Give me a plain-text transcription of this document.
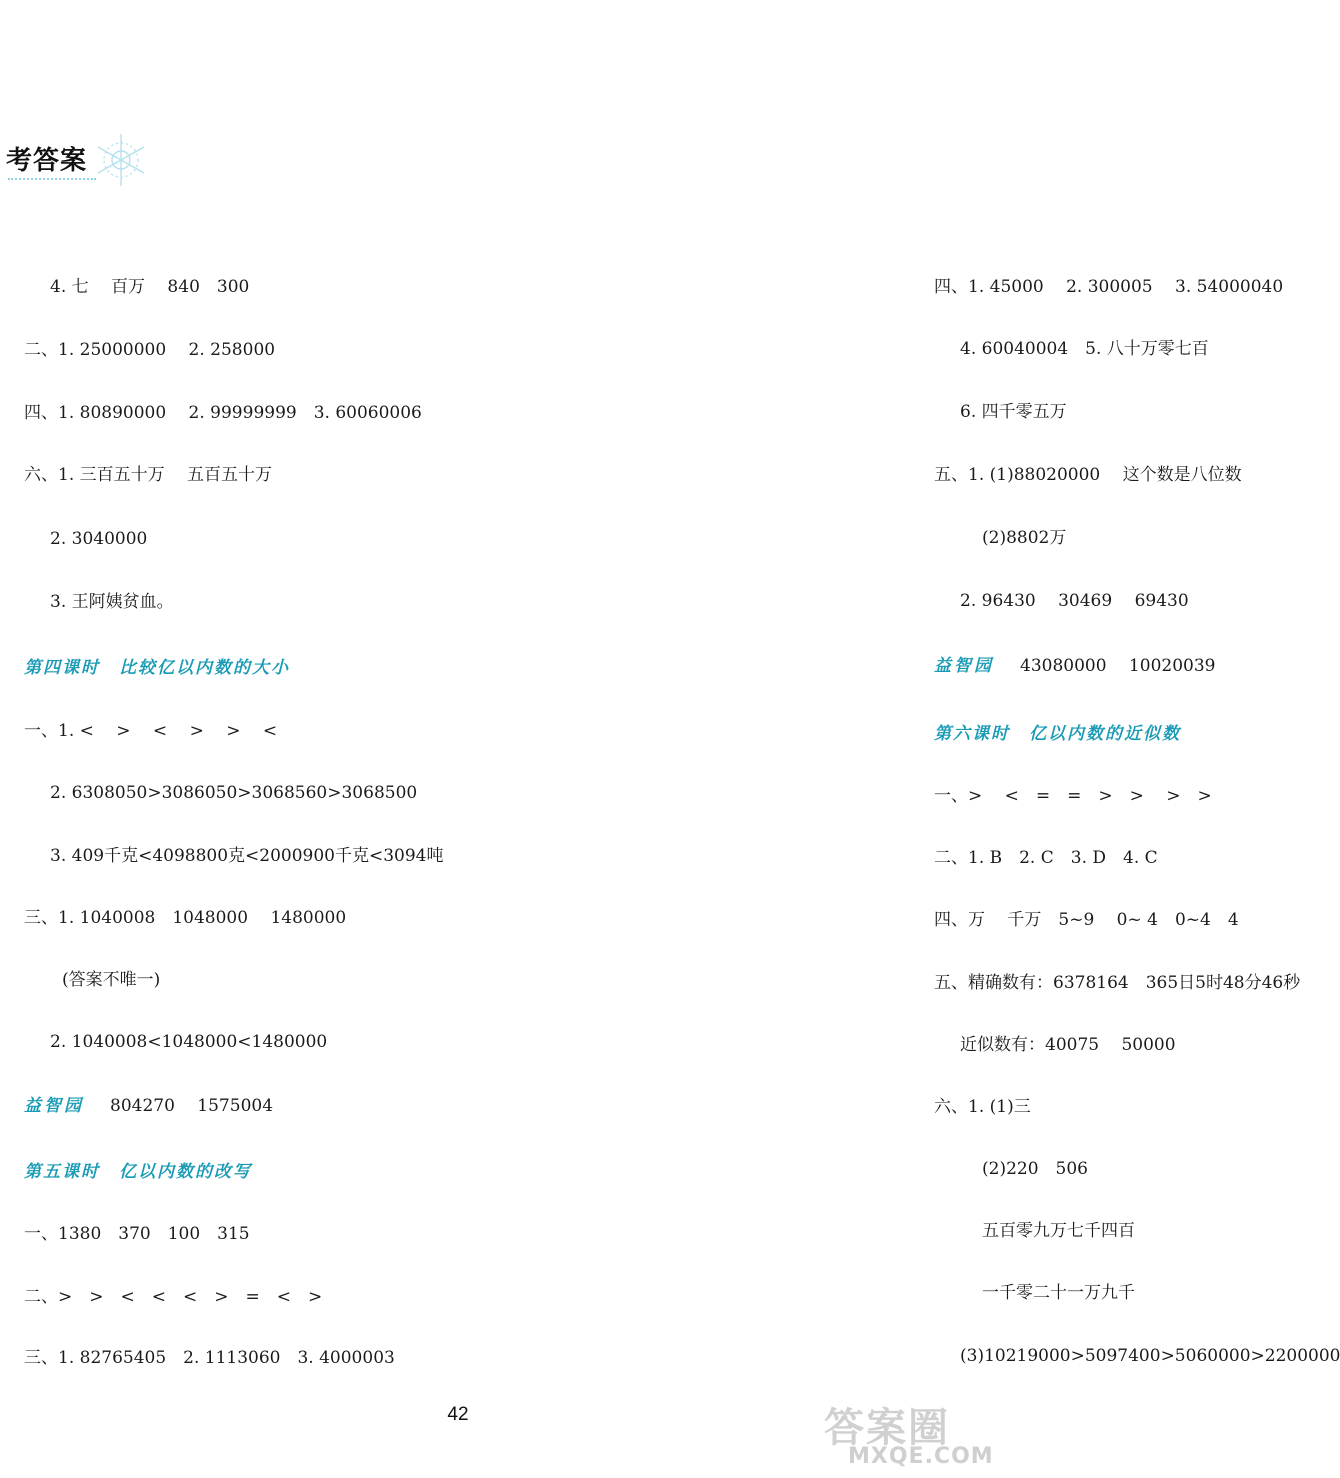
考答案
4. 七　 百万　 840　300
二、1. 25000000　 2. 258000
四、1. 80890000　 2. 99999999　3. 60060006
六、1. 三百五十万　 五百五十万
2. 3040000
3. 王阿姨贫血。
第四课时　比较亿以内数的大小
一、1. <　 >　 <　 >　 >　 <
2. 6308050>3086050>3068560>3068500
3. 409千克<4098800克<2000900千克<3094吨
三、1. 1040008　1048000　 1480000
(答案不唯一)
2. 1040008<1048000<1480000
益智园 804270　 1575004
第五课时　亿以内数的改写
一、1380　370　100　315
二、>　>　<　<　<　>　=　<　>
三、1. 82765405　2. 1113060　3. 4000003
四、1. 45000　 2. 300005　 3. 54000040
4. 60040004　5. 八十万零七百
6. 四千零五万
五、1. (1)88020000　 这个数是八位数
(2)8802万
2. 96430　 30469　 69430
益智园 43080000　 10020039
第六课时　亿以内数的近似数
一、>　 <　=　=　>　>　 >　>
二、1. B　2. C　3. D　4. C
四、万　 千万　5~9　 0~ 4　0~4　4
五、精确数有：6378164　365日5时48分46秒
近似数有：40075　 50000
六、1. (1)三
(2)220　506
五百零九万七千四百
一千零二十一万九千
(3)10219000>5097400>5060000>2200000
42	答案圈
MXQE.COM
